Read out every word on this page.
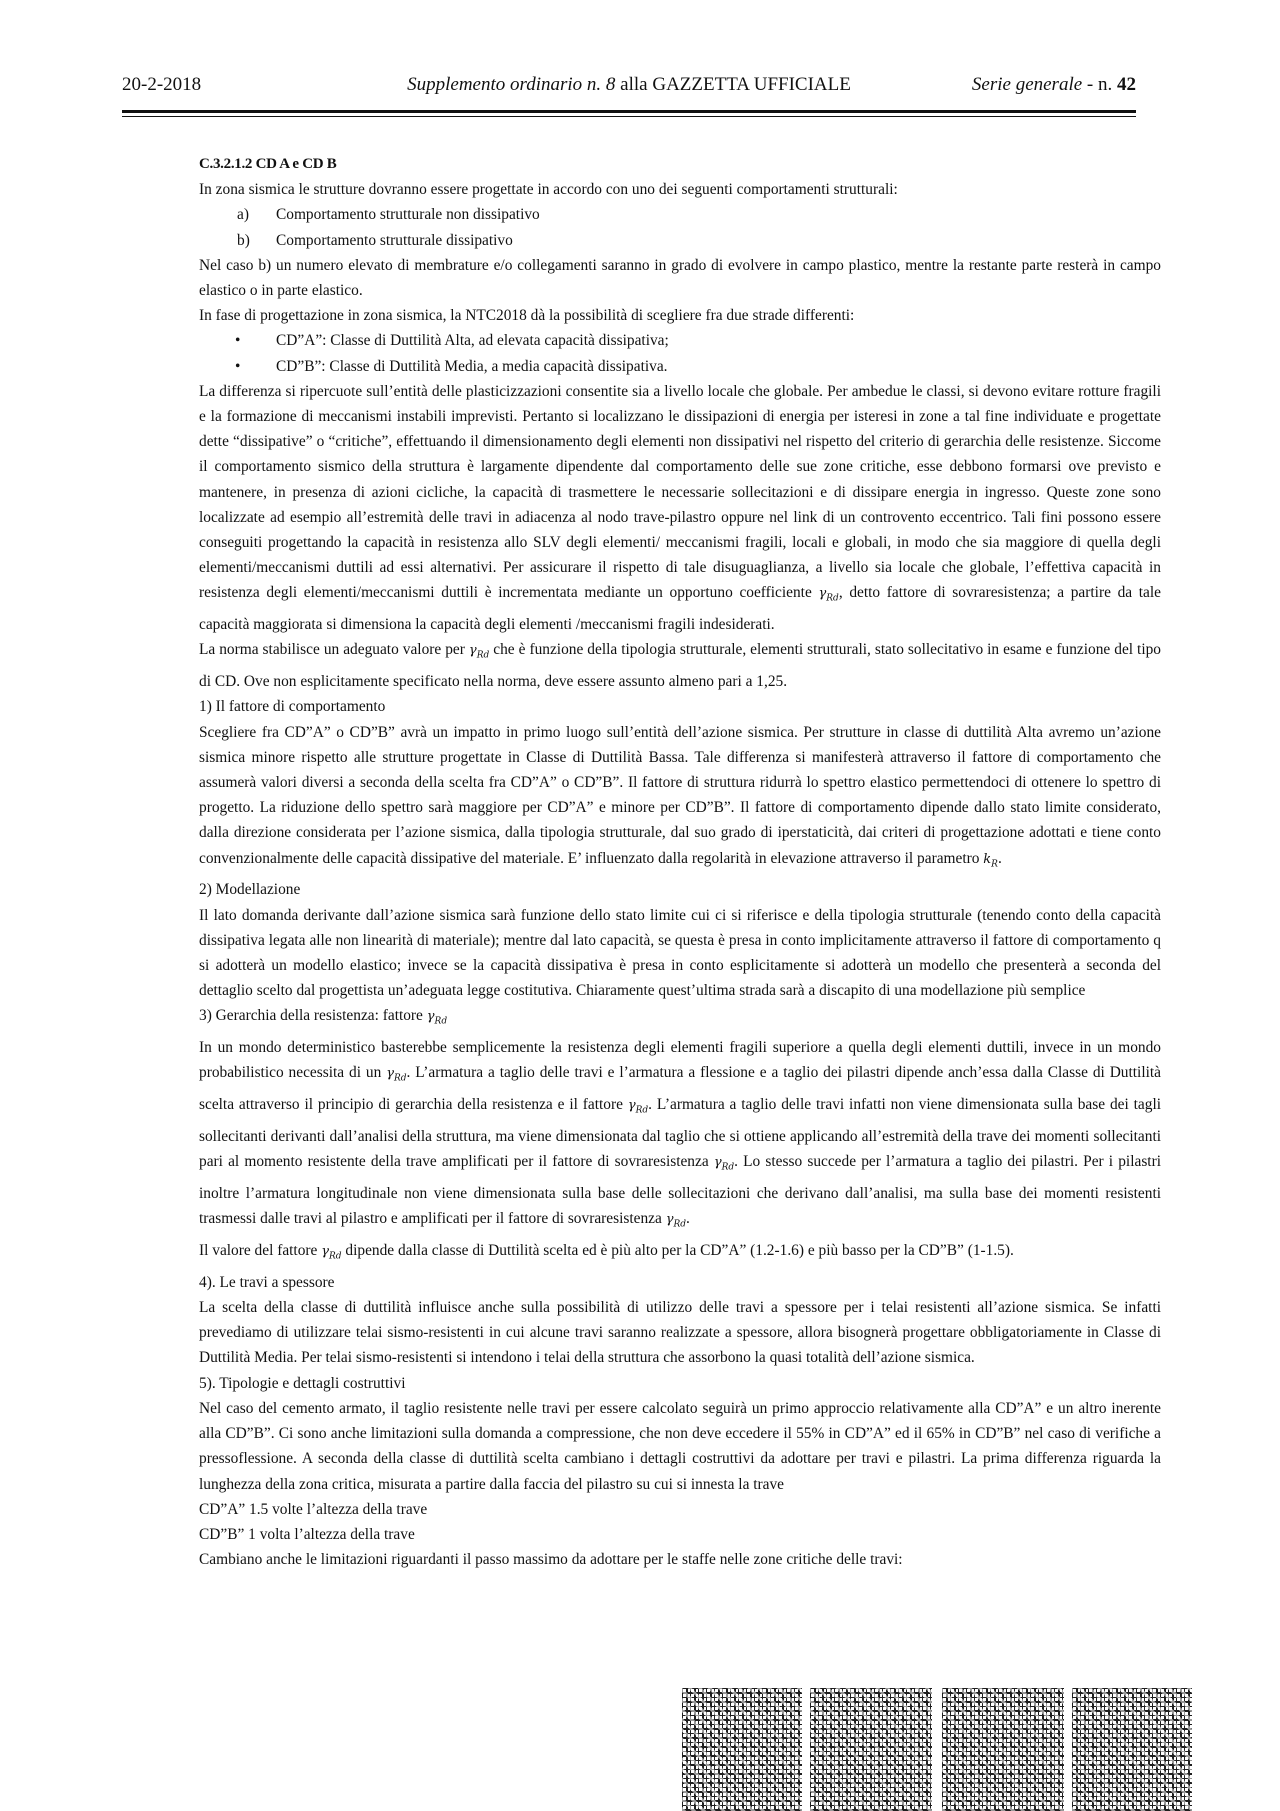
20-2-2018	Supplemento ordinario n. 8 alla GAZZETTA UFFICIALE	Serie generale - n. 42

C.3.2.1.2 CD A e CD B

In zona sismica le strutture dovranno essere progettate in accordo con uno dei seguenti comportamenti strutturali:

a) Comportamento strutturale non dissipativo

b) Comportamento strutturale dissipativo

Nel caso b) un numero elevato di membrature e/o collegamenti saranno in grado di evolvere in campo plastico, mentre la restante parte resterà in campo elastico o in parte elastico.

In fase di progettazione in zona sismica, la NTC2018 dà la possibilità di scegliere fra due strade differenti:

• CD”A”: Classe di Duttilità Alta, ad elevata capacità dissipativa;

• CD”B”: Classe di Duttilità Media, a media capacità dissipativa.

La differenza si ripercuote sull’entità delle plasticizzazioni consentite sia a livello locale che globale. Per ambedue le classi, si devono evitare rotture fragili e la formazione di meccanismi instabili imprevisti. Pertanto si localizzano le dissipazioni di energia per isteresi in zone a tal fine individuate e progettate dette “dissipative” o “critiche”, effettuando il dimensionamento degli elementi non dissipativi nel rispetto del criterio di gerarchia delle resistenze. Siccome il comportamento sismico della struttura è largamente dipendente dal comportamento delle sue zone critiche, esse debbono formarsi ove previsto e mantenere, in presenza di azioni cicliche, la capacità di trasmettere le necessarie sollecitazioni e di dissipare energia in ingresso. Queste zone sono localizzate ad esempio all’estremità delle travi in adiacenza al nodo trave-pilastro oppure nel link di un controvento eccentrico. Tali fini possono essere conseguiti progettando la capacità in resistenza allo SLV degli elementi/ meccanismi fragili, locali e globali, in modo che sia maggiore di quella degli elementi/meccanismi duttili ad essi alternativi. Per assicurare il rispetto di tale disuguaglianza, a livello sia locale che globale, l’effettiva capacità in resistenza degli elementi/meccanismi duttili è incrementata mediante un opportuno coefficiente $\gamma_{Rd}$, detto fattore di sovraresistenza; a partire da tale capacità maggiorata si dimensiona la capacità degli elementi /meccanismi fragili indesiderati.

La norma stabilisce un adeguato valore per $\gamma_{Rd}$ che è funzione della tipologia strutturale, elementi strutturali, stato sollecitativo in esame e funzione del tipo di CD. Ove non esplicitamente specificato nella norma, deve essere assunto almeno pari a 1,25.

1) Il fattore di comportamento

Scegliere fra CD”A” o CD”B” avrà un impatto in primo luogo sull’entità dell’azione sismica. Per strutture in classe di duttilità Alta avremo un’azione sismica minore rispetto alle strutture progettate in Classe di Duttilità Bassa. Tale differenza si manifesterà attraverso il fattore di comportamento che assumerà valori diversi a seconda della scelta fra CD”A” o CD”B”. Il fattore di struttura ridurrà lo spettro elastico permettendoci di ottenere lo spettro di progetto. La riduzione dello spettro sarà maggiore per CD”A” e minore per CD”B”. Il fattore di comportamento dipende dallo stato limite considerato, dalla direzione considerata per l’azione sismica, dalla tipologia strutturale, dal suo grado di iperstaticità, dai criteri di progettazione adottati e tiene conto convenzionalmente delle capacità dissipative del materiale. E’ influenzato dalla regolarità in elevazione attraverso il parametro $k_R$.

2) Modellazione

Il lato domanda derivante dall’azione sismica sarà funzione dello stato limite cui ci si riferisce e della tipologia strutturale (tenendo conto della capacità dissipativa legata alle non linearità di materiale); mentre dal lato capacità, se questa è presa in conto implicitamente attraverso il fattore di comportamento q si adotterà un modello elastico; invece se la capacità dissipativa è presa in conto esplicitamente si adotterà un modello che presenterà a seconda del dettaglio scelto dal progettista un’adeguata legge costitutiva. Chiaramente quest’ultima strada sarà a discapito di una modellazione più semplice

3) Gerarchia della resistenza: fattore $\gamma_{Rd}$

In un mondo deterministico basterebbe semplicemente la resistenza degli elementi fragili superiore a quella degli elementi duttili, invece in un mondo probabilistico necessita di un $\gamma_{Rd}$. L’armatura a taglio delle travi e l’armatura a flessione e a taglio dei pilastri dipende anch’essa dalla Classe di Duttilità scelta attraverso il principio di gerarchia della resistenza e il fattore $\gamma_{Rd}$. L’armatura a taglio delle travi infatti non viene dimensionata sulla base dei tagli sollecitanti derivanti dall’analisi della struttura, ma viene dimensionata dal taglio che si ottiene applicando all’estremità della trave dei momenti sollecitanti pari al momento resistente della trave amplificati per il fattore di sovraresistenza $\gamma_{Rd}$. Lo stesso succede per l’armatura a taglio dei pilastri. Per i pilastri inoltre l’armatura longitudinale non viene dimensionata sulla base delle sollecitazioni che derivano dall’analisi, ma sulla base dei momenti resistenti trasmessi dalle travi al pilastro e amplificati per il fattore di sovraresistenza $\gamma_{Rd}$.

Il valore del fattore $\gamma_{Rd}$ dipende dalla classe di Duttilità scelta ed è più alto per la CD”A” (1.2-1.6) e più basso per la CD”B” (1-1.5).

4). Le travi a spessore

La scelta della classe di duttilità influisce anche sulla possibilità di utilizzo delle travi a spessore per i telai resistenti all’azione sismica. Se infatti prevediamo di utilizzare telai sismo-resistenti in cui alcune travi saranno realizzate a spessore, allora bisognerà progettare obbligatoriamente in Classe di Duttilità Media. Per telai sismo-resistenti si intendono i telai della struttura che assorbono la quasi totalità dell’azione sismica.

5). Tipologie e dettagli costruttivi

Nel caso del cemento armato, il taglio resistente nelle travi per essere calcolato seguirà un primo approccio relativamente alla CD”A” e un altro inerente alla CD”B”. Ci sono anche limitazioni sulla domanda a compressione, che non deve eccedere il 55% in CD”A” ed il 65% in CD”B” nel caso di verifiche a pressoflessione. A seconda della classe di duttilità scelta cambiano i dettagli costruttivi da adottare per travi e pilastri. La prima differenza riguarda la lunghezza della zona critica, misurata a partire dalla faccia del pilastro su cui si innesta la trave

CD”A” 1.5 volte l’altezza della trave

CD”B” 1 volta l’altezza della trave

Cambiano anche le limitazioni riguardanti il passo massimo da adottare per le staffe nelle zone critiche delle travi:
